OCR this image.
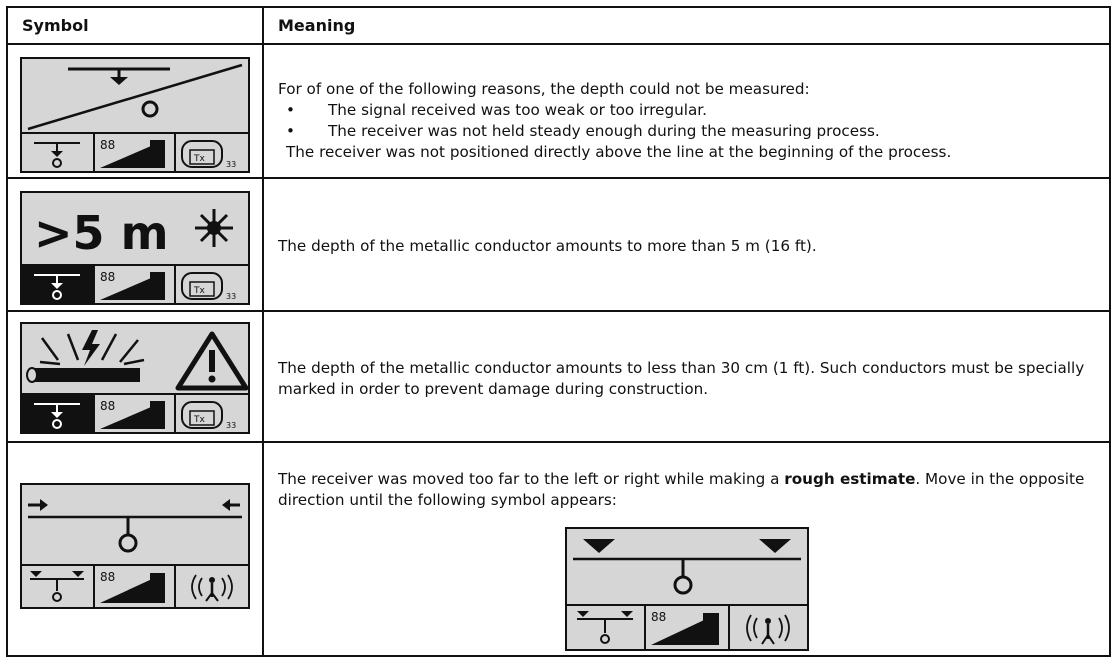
Symbol	Meaning
88
Tx
33
For of one of the following reasons, the depth could not be measured:
• The signal received was too weak or too irregular.
• The receiver was not held steady enough during the measuring process.
The receiver was not positioned directly above the line at the beginning of the process.
>5 m
88
Tx
33
The depth of the metallic conductor amounts to more than 5 m (16 ft).
88
Tx
33
The depth of the metallic conductor amounts to less than 30 cm (1 ft). Such conductors must be specially marked in order to prevent damage during construction.
88
The receiver was moved too far to the left or right while making a rough estimate. Move in the opposite direction until the following symbol appears:
88
